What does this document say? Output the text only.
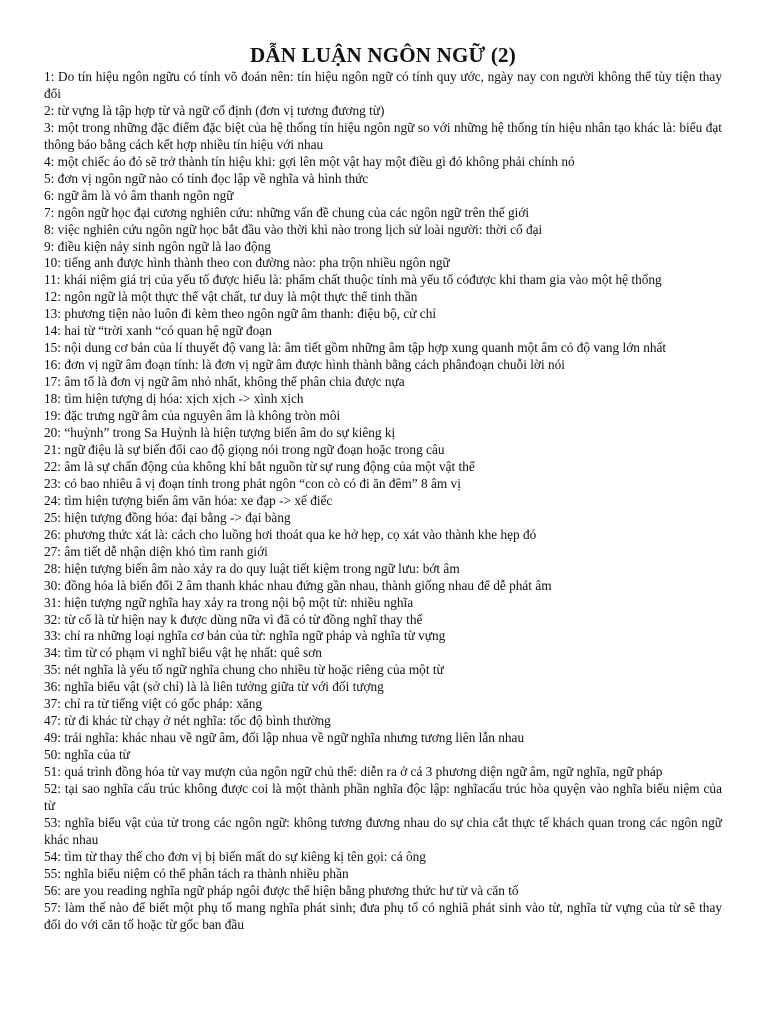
DẪN LUẬN NGÔN NGỮ (2)
1: Do tín hiệu ngôn ngữu có tính võ đoán nên: tín hiệu ngôn ngữ có tính quy ước, ngày nay con người không thể tùy tiện thay đổi
2: từ vựng là tập hợp từ và ngữ cố định (đơn vị tương đương từ)
3: một trong những đặc điểm đặc biệt của hệ thống tín hiệu ngôn ngữ so với những hệ thống tín hiệu nhân tạo khác là: biểu đạt thông báo bằng cách kết hợp nhiều tín hiệu với nhau
4: một chiếc áo đỏ sẽ trở thành tín hiệu khi: gợi lên một vật hay một điều gì đó không phải chính nó
5: đơn vị ngôn ngữ nào có tính đọc lập về nghĩa và hình thức
6: ngữ âm là vỏ âm thanh ngôn ngữ
7: ngôn ngữ học đại cương nghiên cứu: những vấn đề chung của các ngôn ngữ trên thế giới
8: việc nghiên cứu ngôn ngữ học bắt đầu vào thời khì nào trong lịch sử loài người: thời cổ đại
9: điều kiện nảy sinh ngôn ngữ là lao động
10: tiếng anh được hình thành theo con đường nào: pha trộn nhiều ngôn ngữ
11: khái niệm giá trị của yếu tố được hiểu là: phẩm chất thuộc tính mà yếu tố cóđược khi tham gia vào một hệ thống
12: ngôn ngữ là một thực thể vật chất, tư duy là một thực thể tinh thần
13: phương tiện nào luôn đi kèm theo ngôn ngữ âm thanh: điệu bộ, cử chỉ
14: hai từ “trời xanh “có quan hệ ngữ đoạn
15: nội dung cơ bản của lí thuyết độ vang là: âm tiết gồm những âm tập hợp xung quanh một âm có độ vang lớn nhất
16: đơn vị ngữ âm đoạn tính: là đơn vị ngữ âm được hình thành bằng cách phânđoạn chuỗi lời nói
17: âm tố là đơn vị ngữ âm nhỏ nhất, không thể phân chia được nựa
18: tìm hiện tượng dị hóa: xịch xịch -> xình xịch
19: đặc trưng ngữ âm của nguyên âm là không tròn môi
20: “huỳnh” trong Sa Huỳnh là hiện tượng biến âm do sự kiêng kị
21: ngữ điệu là sự biến đổi cao độ giọng nói trong ngữ đoạn hoặc trong câu
22: âm là sự chấn động của không khí bắt nguồn từ sự rung động của một vật thể
23: có bao nhiêu â vị đoạn tính trong phát ngôn “con cò có đi ăn đêm” 8 âm vị
24: tìm hiện tượng biến âm văn hóa: xe đạp -> xế điếc
25: hiện tượng đồng hóa: đại bằng -> đại bàng
26: phương thức xát là: cách cho luồng hơi thoát qua ke hở hẹp, cọ xát vào thành khe hẹp đó
27: âm tiết dễ nhận diện khó tìm ranh giới
28: hiện tượng biến âm nào xảy ra do quy luật tiết kiệm trong ngữ lưu: bớt âm
30: đồng hóa là biến đổi 2 âm thanh khác nhau đứng gần nhau, thành giống nhau để dễ phát âm
31: hiện tượng ngữ nghĩa hay xảy ra trong nội bộ một từ: nhiều nghĩa
32: từ cổ là từ hiện nay k được dùng nữa vì đã có từ đồng nghĩ thay thế
33: chỉ ra những loại nghĩa cơ bản của từ: nghĩa ngữ pháp và nghĩa từ vựng
34: tìm từ có phạm vi nghĩ biểu vật hẹ nhất: quê sơn
35: nét nghĩa là yếu tố ngữ nghĩa chung cho nhiều từ hoặc riêng của một từ
36: nghĩa biểu vật (sở chỉ) là là liên tưởng giữa từ với đối tượng
37: chỉ ra từ tiếng việt có gốc pháp: xăng
47: từ đi khác từ chạy ở nét nghĩa: tốc độ bình thường
49: trái nghĩa: khác nhau về ngữ âm, đối lập nhua về ngữ nghĩa nhưng tương liên lẫn nhau
50: nghĩa của từ
51: quá trình đồng hóa từ vay mượn của ngôn ngữ chủ thể: diễn ra ở cả 3 phương diện ngữ âm, ngữ nghĩa, ngữ pháp
52: tại sao nghĩa cấu trúc không được coi là một thành phần nghĩa độc lập: nghĩacấu trúc hòa quyện vào nghĩa biểu niệm của từ
53: nghĩa biểu vật của từ trong các ngôn ngữ: không tương đương nhau do sự chia cắt thực tế khách quan trong các ngôn ngữ khác nhau
54: tìm từ thay thế cho đơn vị bị biến mất do sự kiêng kị tên gọi: cá ông
55: nghĩa biểu niệm có thể phân tách ra thành nhiều phần
56: are you reading nghĩa ngữ pháp ngôi được thể hiện bằng phương thức hư từ và căn tố
57: làm thế nào để biết một phụ tố mang nghĩa phát sinh; đưa phụ tố có nghiã phát sinh vào từ, nghĩa từ vựng của từ sẽ thay đổi do với căn tố hoặc từ gốc ban đầu
